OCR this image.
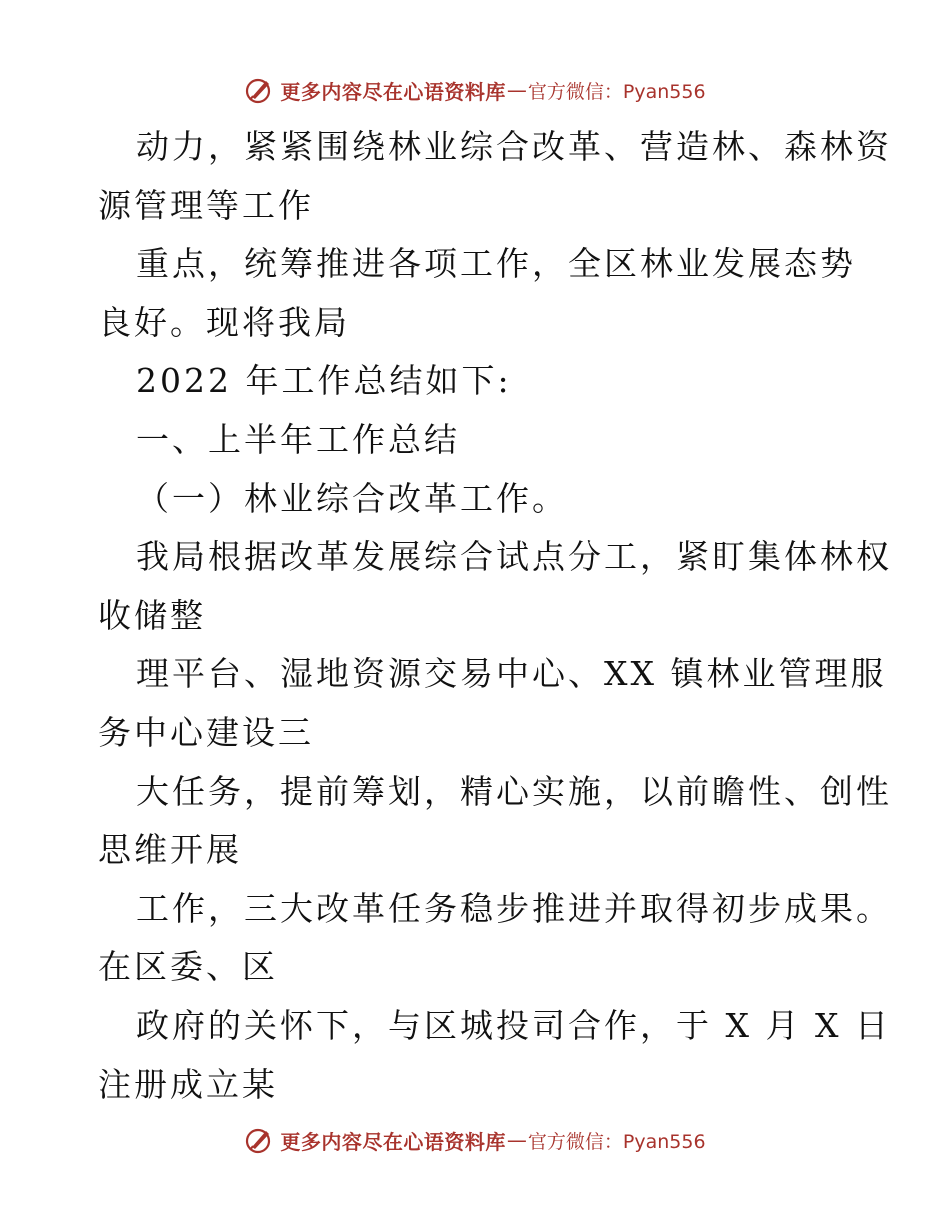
更多内容尽在心语资料库 — 官方微信：Pyan556
动力，紧紧围绕林业综合改革、营造林、森林资
源管理等工作
重点，统筹推进各项工作，全区林业发展态势
良好。现将我局
2022 年工作总结如下:
一、上半年工作总结
（一）林业综合改革工作。
我局根据改革发展综合试点分工，紧盯集体林权
收储整
理平台、湿地资源交易中心、XX 镇林业管理服
务中心建设三
大任务，提前筹划，精心实施，以前瞻性、创性
思维开展
工作，三大改革任务稳步推进并取得初步成果。
在区委、区
政府的关怀下，与区城投司合作，于 X 月 X 日
注册成立某
更多内容尽在心语资料库 — 官方微信：Pyan556
